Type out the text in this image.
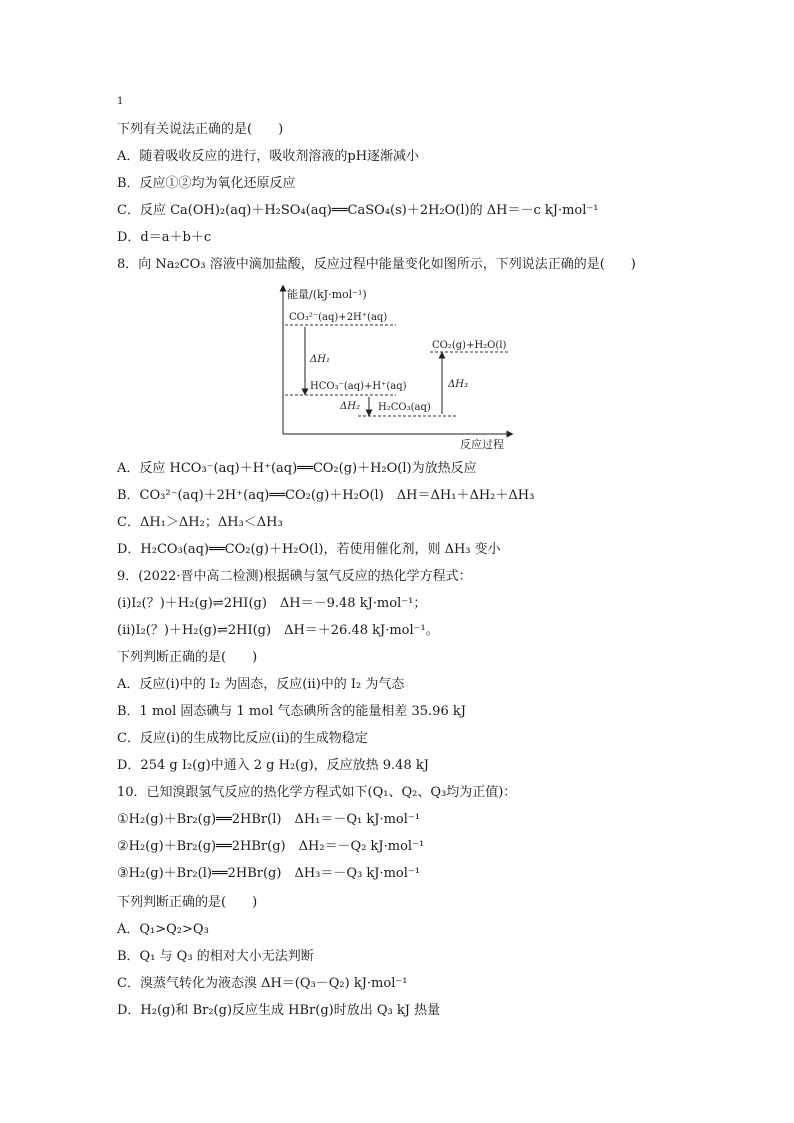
1
下列有关说法正确的是(　　)
A．随着吸收反应的进行，吸收剂溶液的pH逐渐减小
B．反应①②均为氧化还原反应
C．反应 Ca(OH)₂(aq)＋H₂SO₄(aq)══CaSO₄(s)＋2H₂O(l)的 ΔH＝－c kJ·mol⁻¹
D．d＝a＋b＋c
8．向 Na₂CO₃ 溶液中滴加盐酸，反应过程中能量变化如图所示，下列说法正确的是(　　)
能量/(kJ·mol⁻¹)
反应过程
CO₃²⁻(aq)+2H⁺(aq)
HCO₃⁻(aq)+H⁺(aq)
H₂CO₃(aq)
CO₂(g)+H₂O(l)
ΔH₁
ΔH₂
ΔH₃
A．反应 HCO₃⁻(aq)＋H⁺(aq)══CO₂(g)＋H₂O(l)为放热反应
B．CO₃²⁻(aq)＋2H⁺(aq)══CO₂(g)＋H₂O(l)　ΔH＝ΔH₁＋ΔH₂＋ΔH₃
C．ΔH₁＞ΔH₂；ΔH₃＜ΔH₃
D．H₂CO₃(aq)══CO₂(g)＋H₂O(l)，若使用催化剂，则 ΔH₃ 变小
9．(2022·晋中高二检测)根据碘与氢气反应的热化学方程式：
(ⅰ)I₂(？)＋H₂(g)⇌2HI(g)　ΔH＝－9.48 kJ·mol⁻¹；
(ⅱ)I₂(？)＋H₂(g)⇌2HI(g)　ΔH＝＋26.48 kJ·mol⁻¹。
下列判断正确的是(　　)
A．反应(ⅰ)中的 I₂ 为固态，反应(ⅱ)中的 I₂ 为气态
B．1 mol 固态碘与 1 mol 气态碘所含的能量相差 35.96 kJ
C．反应(ⅰ)的生成物比反应(ⅱ)的生成物稳定
D．254 g I₂(g)中通入 2 g H₂(g)，反应放热 9.48 kJ
10．已知溴跟氢气反应的热化学方程式如下(Q₁、Q₂、Q₃均为正值)：
①H₂(g)＋Br₂(g)══2HBr(l)　ΔH₁＝－Q₁ kJ·mol⁻¹
②H₂(g)＋Br₂(g)══2HBr(g)　ΔH₂＝－Q₂ kJ·mol⁻¹
③H₂(g)＋Br₂(l)══2HBr(g)　ΔH₃＝－Q₃ kJ·mol⁻¹
下列判断正确的是(　　)
A．Q₁>Q₂>Q₃
B．Q₁ 与 Q₃ 的相对大小无法判断
C．溴蒸气转化为液态溴 ΔH＝(Q₃－Q₂) kJ·mol⁻¹
D．H₂(g)和 Br₂(g)反应生成 HBr(g)时放出 Q₃ kJ 热量
